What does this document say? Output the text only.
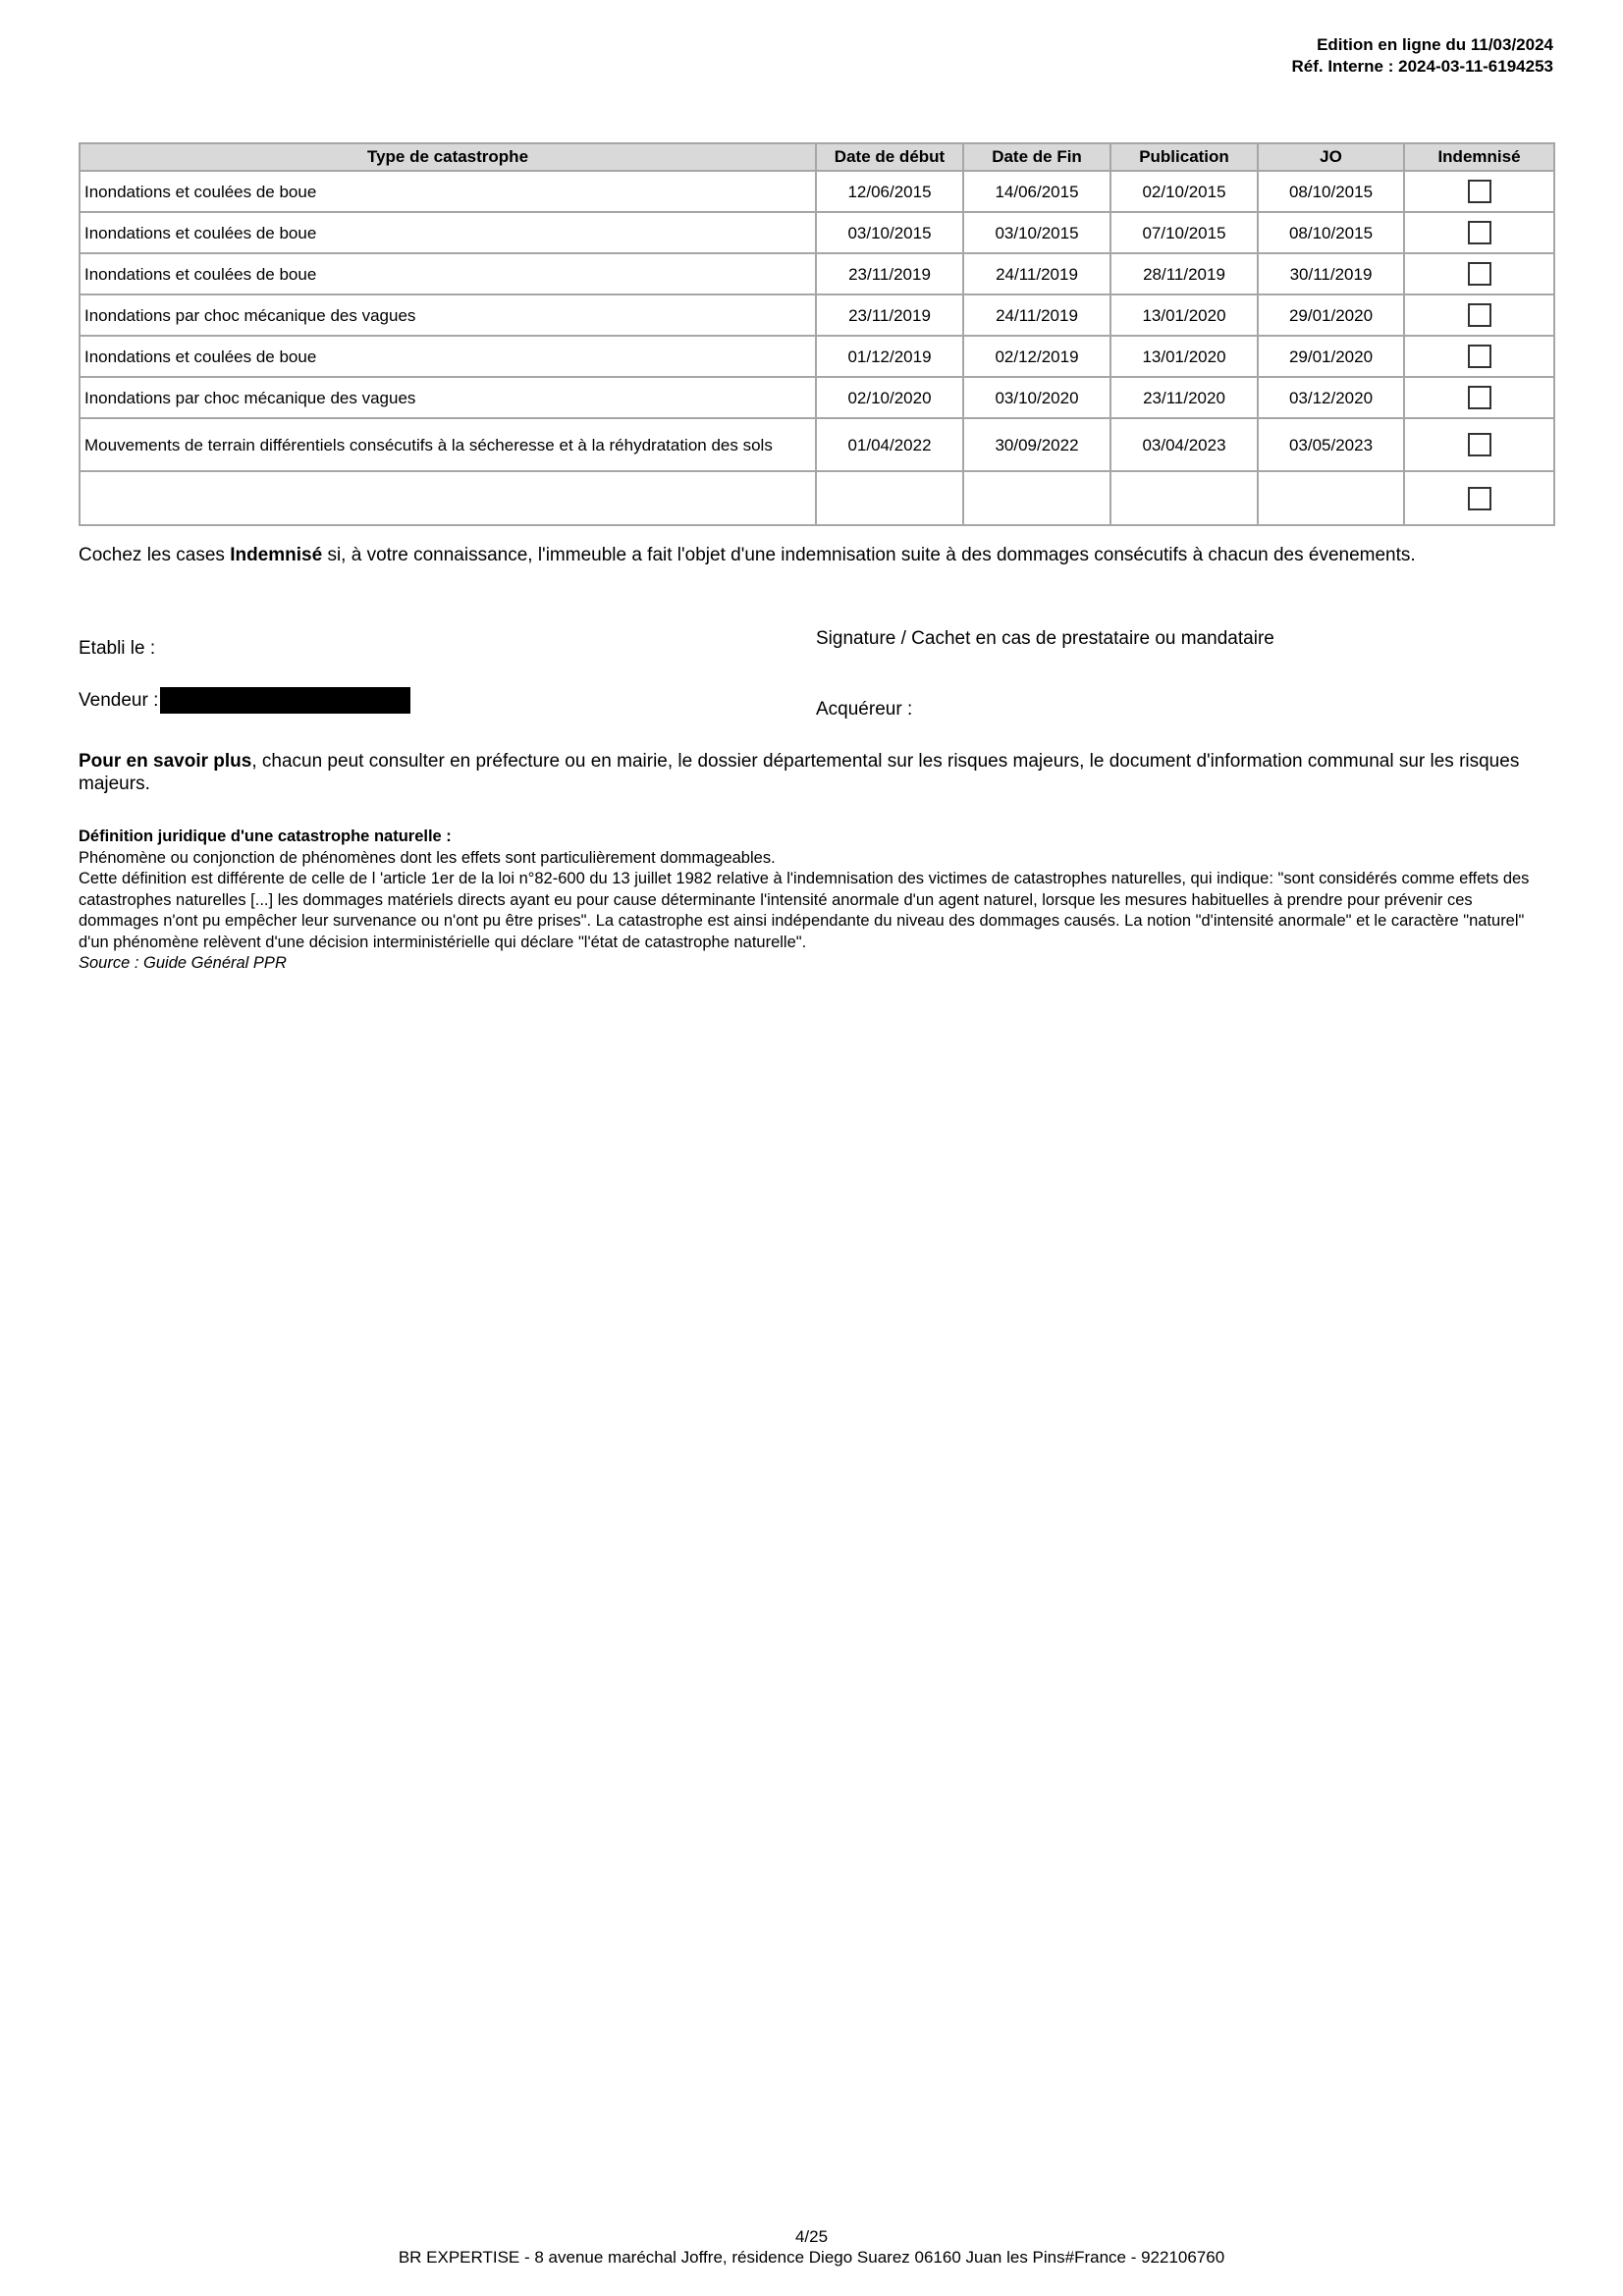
Edition en ligne du 11/03/2024
Réf. Interne : 2024-03-11-6194253
Type de catastrophe	Date de début	Date de Fin	Publication	JO	Indemnisé
Inondations et coulées de boue	12/06/2015	14/06/2015	02/10/2015	08/10/2015	
Inondations et coulées de boue	03/10/2015	03/10/2015	07/10/2015	08/10/2015	
Inondations et coulées de boue	23/11/2019	24/11/2019	28/11/2019	30/11/2019	
Inondations par choc mécanique des vagues	23/11/2019	24/11/2019	13/01/2020	29/01/2020	
Inondations et coulées de boue	01/12/2019	02/12/2019	13/01/2020	29/01/2020	
Inondations par choc mécanique des vagues	02/10/2020	03/10/2020	23/11/2020	03/12/2020	
Mouvements de terrain différentiels consécutifs à la sécheresse et à la réhydratation des sols	01/04/2022	30/09/2022	03/04/2023	03/05/2023	

Cochez les cases Indemnisé si, à votre connaissance, l'immeuble a fait l'objet d'une indemnisation suite à des dommages consécutifs à chacun des évenements.
Etabli le :	Signature / Cachet en cas de prestataire ou mandataire
Vendeur :	Acquéreur :
Pour en savoir plus, chacun peut consulter en préfecture ou en mairie, le dossier départemental sur les risques majeurs, le document d'information communal sur les risques majeurs.
Définition juridique d'une catastrophe naturelle :
Phénomène ou conjonction de phénomènes dont les effets sont particulièrement dommageables.
Cette définition est différente de celle de l 'article 1er de la loi n°82-600 du 13 juillet 1982 relative à l'indemnisation des victimes de catastrophes naturelles, qui indique: "sont considérés comme effets des catastrophes naturelles [...] les dommages matériels directs ayant eu pour cause déterminante l'intensité anormale d'un agent naturel, lorsque les mesures habituelles à prendre pour prévenir ces dommages n'ont pu empêcher leur survenance ou n'ont pu être prises". La catastrophe est ainsi indépendante du niveau des dommages causés. La notion "d'intensité anormale" et le caractère "naturel" d'un phénomène relèvent d'une décision interministérielle qui déclare "l'état de catastrophe naturelle".
Source : Guide Général PPR
4/25
BR EXPERTISE - 8 avenue maréchal Joffre, résidence Diego Suarez 06160 Juan les Pins#France - 922106760
